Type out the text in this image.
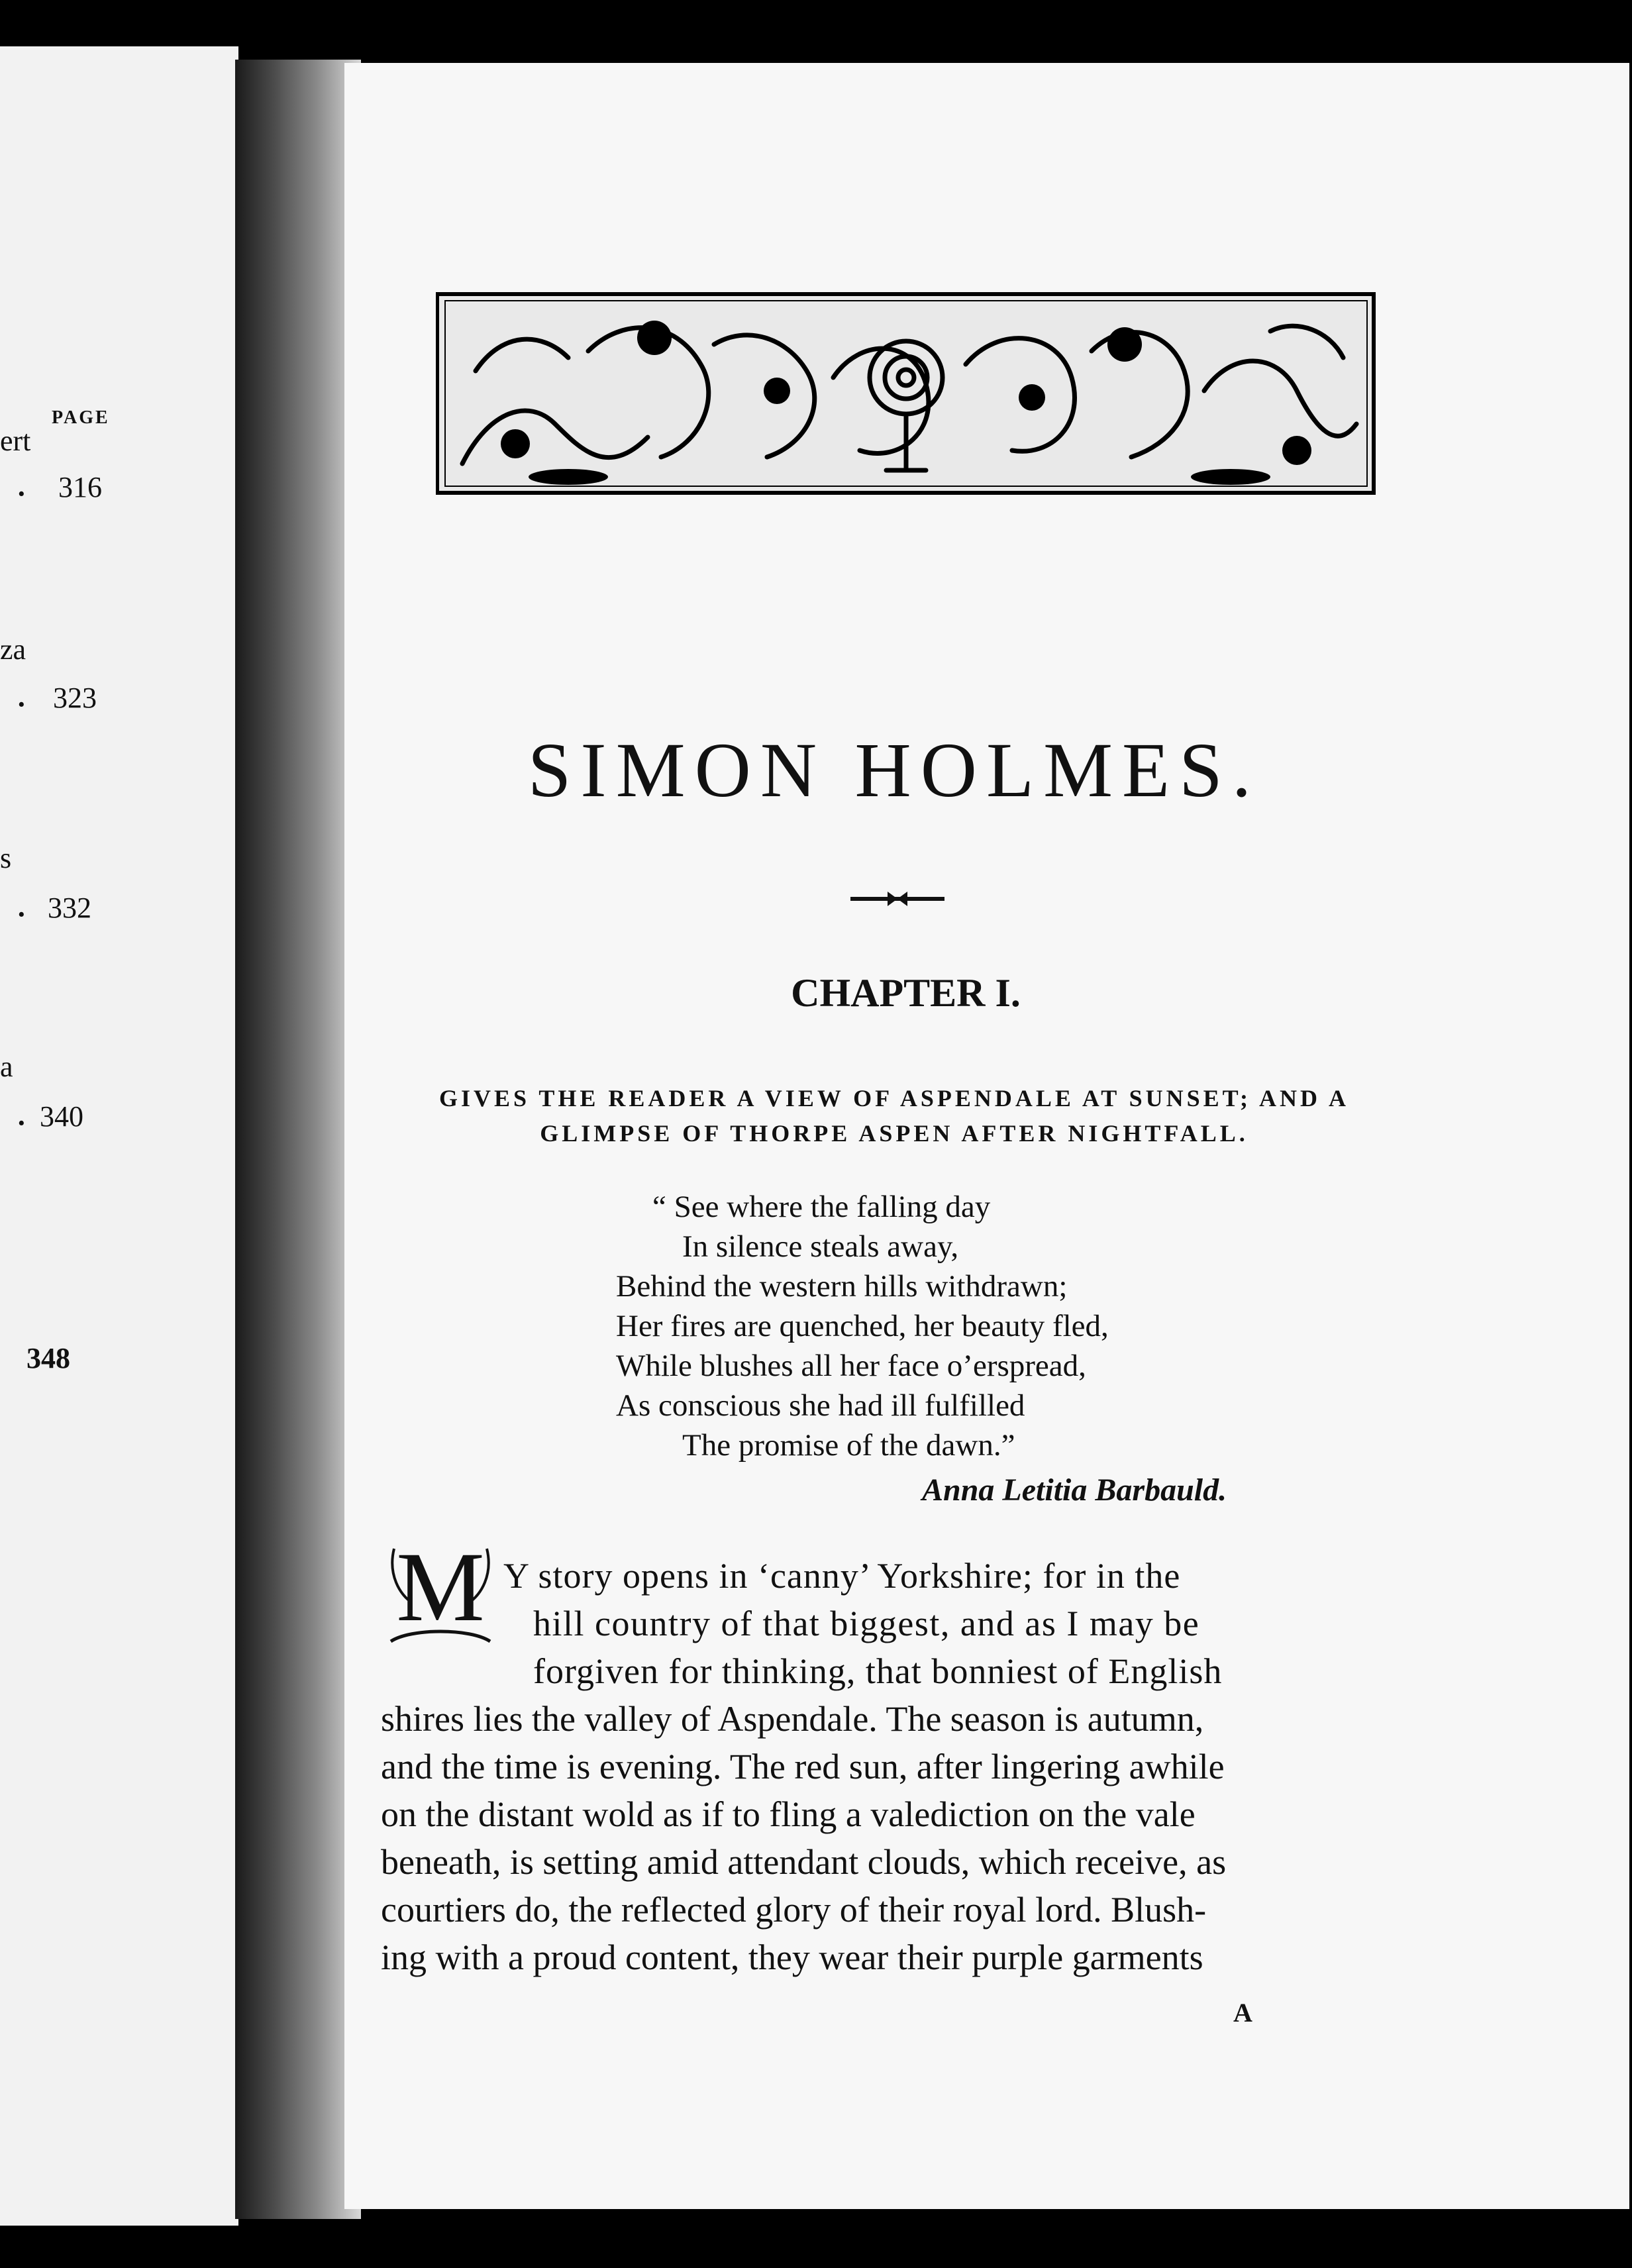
PAGE
ert
· 316
za
· 323
s
· 332
a
· 340
348
SIMON HOLMES.
CHAPTER I.
GIVES THE READER A VIEW OF ASPENDALE AT SUNSET; AND A
GLIMPSE OF THORPE ASPEN AFTER NIGHTFALL.
“ See where the falling day
In silence steals away,
Behind the western hills withdrawn;
Her fires are quenched, her beauty fled,
While blushes all her face o’erspread,
As conscious she had ill fulfilled
The promise of the dawn.”
Anna Letitia Barbauld.
M Y story opens in ‘canny’ Yorkshire; for in the
hill country of that biggest, and as I may be
forgiven for thinking, that bonniest of English
shires lies the valley of Aspendale. The season is autumn,
and the time is evening. The red sun, after lingering awhile
on the distant wold as if to fling a valediction on the vale
beneath, is setting amid attendant clouds, which receive, as
courtiers do, the reflected glory of their royal lord. Blush-
ing with a proud content, they wear their purple garments
A
